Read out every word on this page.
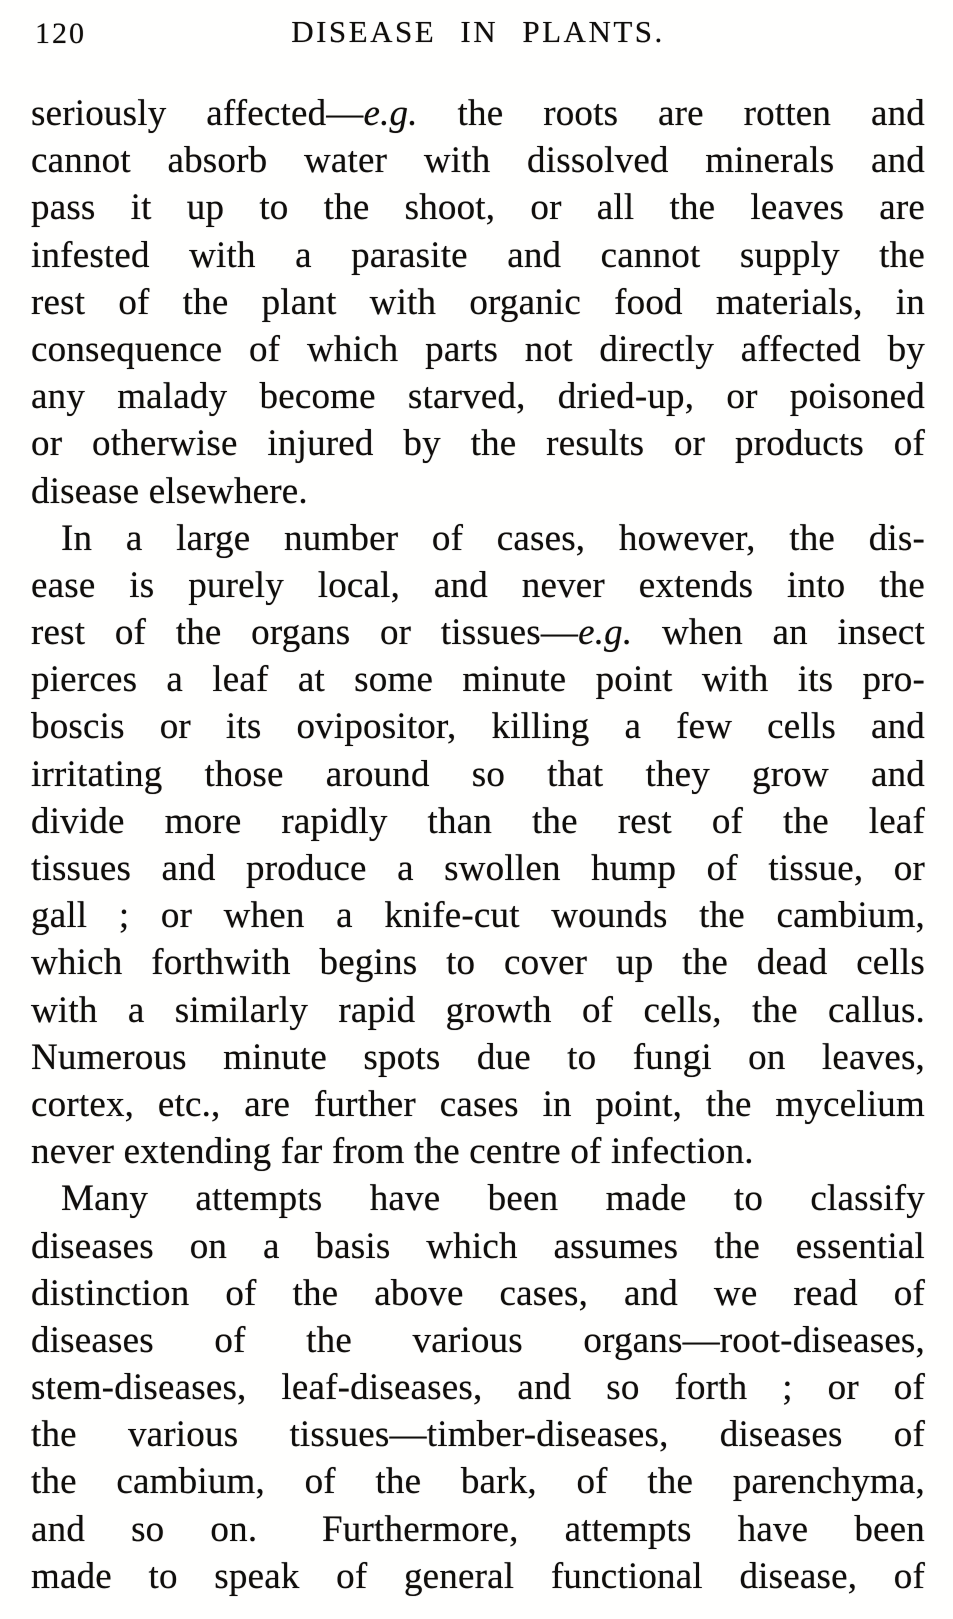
120	DISEASE IN PLANTS.
seriously affected—e.g. the roots are rotten and
cannot absorb water with dissolved minerals and
pass it up to the shoot, or all the leaves are
infested with a parasite and cannot supply the
rest of the plant with organic food materials, in
consequence of which parts not directly affected by
any malady become starved, dried-up, or poisoned
or otherwise injured by the results or products of
disease elsewhere.
In a large number of cases, however, the dis-
ease is purely local, and never extends into the
rest of the organs or tissues—e.g. when an insect
pierces a leaf at some minute point with its pro-
boscis or its ovipositor, killing a few cells and
irritating those around so that they grow and
divide more rapidly than the rest of the leaf
tissues and produce a swollen hump of tissue, or
gall ; or when a knife-cut wounds the cambium,
which forthwith begins to cover up the dead cells
with a similarly rapid growth of cells, the callus.
Numerous minute spots due to fungi on leaves,
cortex, etc., are further cases in point, the mycelium
never extending far from the centre of infection.
Many attempts have been made to classify
diseases on a basis which assumes the essential
distinction of the above cases, and we read of
diseases of the various organs—root-diseases,
stem-diseases, leaf-diseases, and so forth ; or of
the various tissues—timber-diseases, diseases of
the cambium, of the bark, of the parenchyma,
and so on.  Furthermore, attempts have been
made to speak of general functional disease, of
